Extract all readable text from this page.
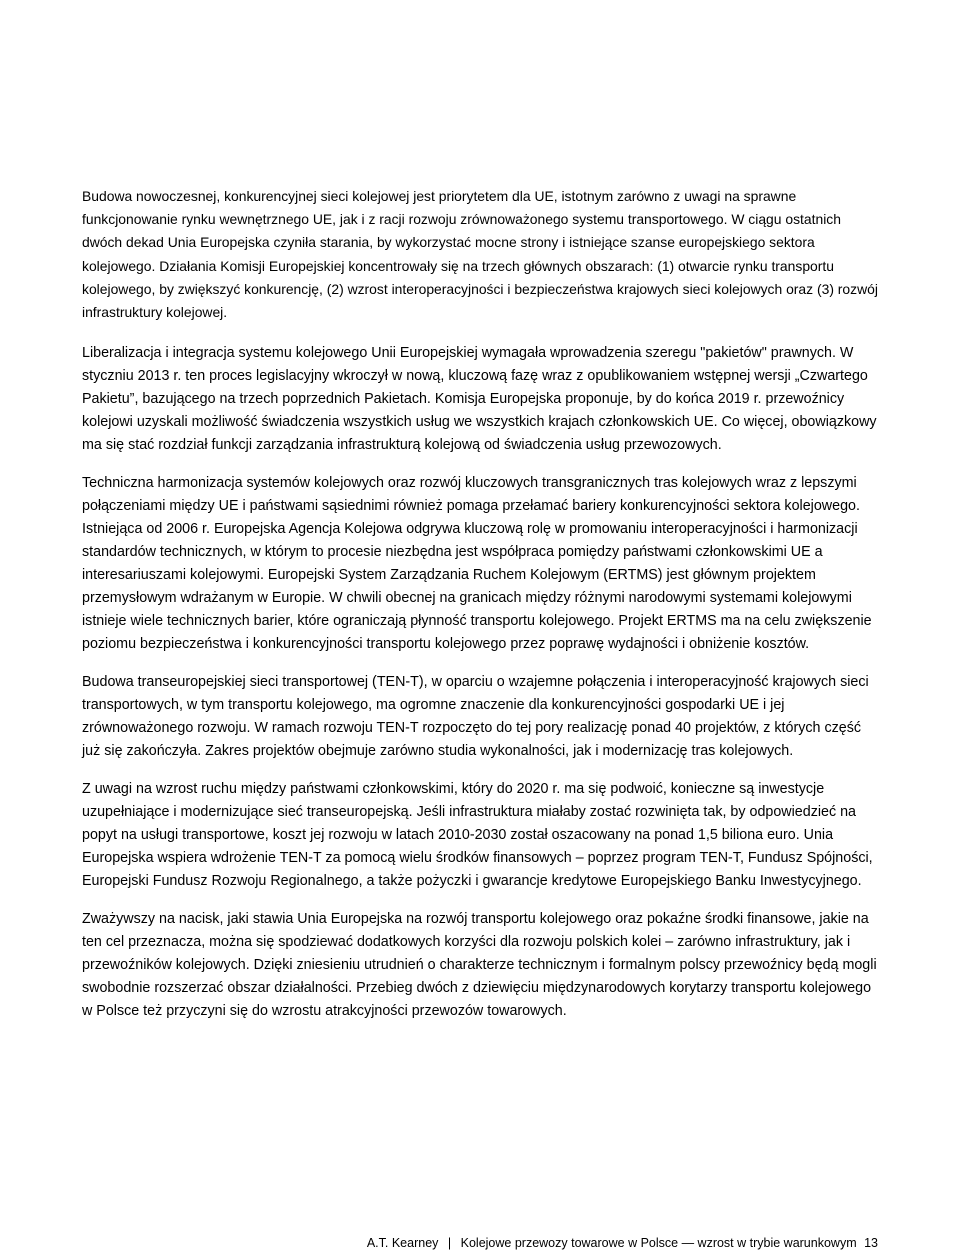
Budowa nowoczesnej, konkurencyjnej sieci kolejowej jest priorytetem dla UE, istotnym zarówno z uwagi na sprawne funkcjonowanie rynku wewnętrznego UE, jak i z racji rozwoju zrównoważonego systemu transportowego. W ciągu ostatnich dwóch dekad Unia Europejska czyniła starania, by wykorzystać mocne strony i istniejące szanse europejskiego sektora kolejowego. Działania Komisji Europejskiej koncentrowały się na trzech głównych obszarach: (1) otwarcie rynku transportu kolejowego, by zwiększyć konkurencję, (2) wzrost interoperacyjności i bezpieczeństwa krajowych sieci kolejowych oraz (3) rozwój infrastruktury kolejowej.

Liberalizacja i integracja systemu kolejowego Unii Europejskiej wymagała wprowadzenia szeregu "pakietów" prawnych. W styczniu 2013 r. ten proces legislacyjny wkroczył w nową, kluczową fazę wraz z opublikowaniem wstępnej wersji „Czwartego Pakietu”, bazującego na trzech poprzednich Pakietach. Komisja Europejska proponuje, by do końca 2019 r. przewoźnicy kolejowi uzyskali możliwość świadczenia wszystkich usług we wszystkich krajach członkowskich UE. Co więcej, obowiązkowy ma się stać rozdział funkcji zarządzania infrastrukturą kolejową od świadczenia usług przewozowych.

Techniczna harmonizacja systemów kolejowych oraz rozwój kluczowych transgranicznych tras kolejowych wraz z lepszymi połączeniami między UE i państwami sąsiednimi również pomaga przełamać bariery konkurencyjności sektora kolejowego. Istniejąca od 2006 r. Europejska Agencja Kolejowa odgrywa kluczową rolę w promowaniu interoperacyjności i harmonizacji standardów technicznych, w którym to procesie niezbędna jest współpraca pomiędzy państwami członkowskimi UE a interesariuszami kolejowymi. Europejski System Zarządzania Ruchem Kolejowym (ERTMS) jest głównym projektem przemysłowym wdrażanym w Europie. W chwili obecnej na granicach między różnymi narodowymi systemami kolejowymi istnieje wiele technicznych barier, które ograniczają płynność transportu kolejowego. Projekt ERTMS ma na celu zwiększenie poziomu bezpieczeństwa i konkurencyjności transportu kolejowego przez poprawę wydajności i obniżenie kosztów.

Budowa transeuropejskiej sieci transportowej (TEN-T), w oparciu o wzajemne połączenia i interoperacyjność krajowych sieci transportowych, w tym transportu kolejowego, ma ogromne znaczenie dla konkurencyjności gospodarki UE i jej zrównoważonego rozwoju. W ramach rozwoju TEN-T rozpoczęto do tej pory realizację ponad 40 projektów, z których część już się zakończyła. Zakres projektów obejmuje zarówno studia wykonalności, jak i modernizację tras kolejowych.

Z uwagi na wzrost ruchu między państwami członkowskimi, który do 2020 r. ma się podwoić, konieczne są inwestycje uzupełniające i modernizujące sieć transeuropejską. Jeśli infrastruktura miałaby zostać rozwinięta tak, by odpowiedzieć na popyt na usługi transportowe, koszt jej rozwoju w latach 2010-2030 został oszacowany na ponad 1,5 biliona euro. Unia Europejska wspiera wdrożenie TEN-T za pomocą wielu środków finansowych – poprzez program TEN-T, Fundusz Spójności, Europejski Fundusz Rozwoju Regionalnego, a także pożyczki i gwarancje kredytowe Europejskiego Banku Inwestycyjnego.

Zważywszy na nacisk, jaki stawia Unia Europejska na rozwój transportu kolejowego oraz pokaźne środki finansowe, jakie na ten cel przeznacza, można się spodziewać dodatkowych korzyści dla rozwoju polskich kolei – zarówno infrastruktury, jak i przewoźników kolejowych. Dzięki zniesieniu utrudnień o charakterze technicznym i formalnym polscy przewoźnicy będą mogli swobodnie rozszerzać obszar działalności. Przebieg dwóch z dziewięciu międzynarodowych korytarzy transportu kolejowego w Polsce też przyczyni się do wzrostu atrakcyjności przewozów towarowych.

A.T. Kearney | Kolejowe przewozy towarowe w Polsce — wzrost w trybie warunkowym 13
